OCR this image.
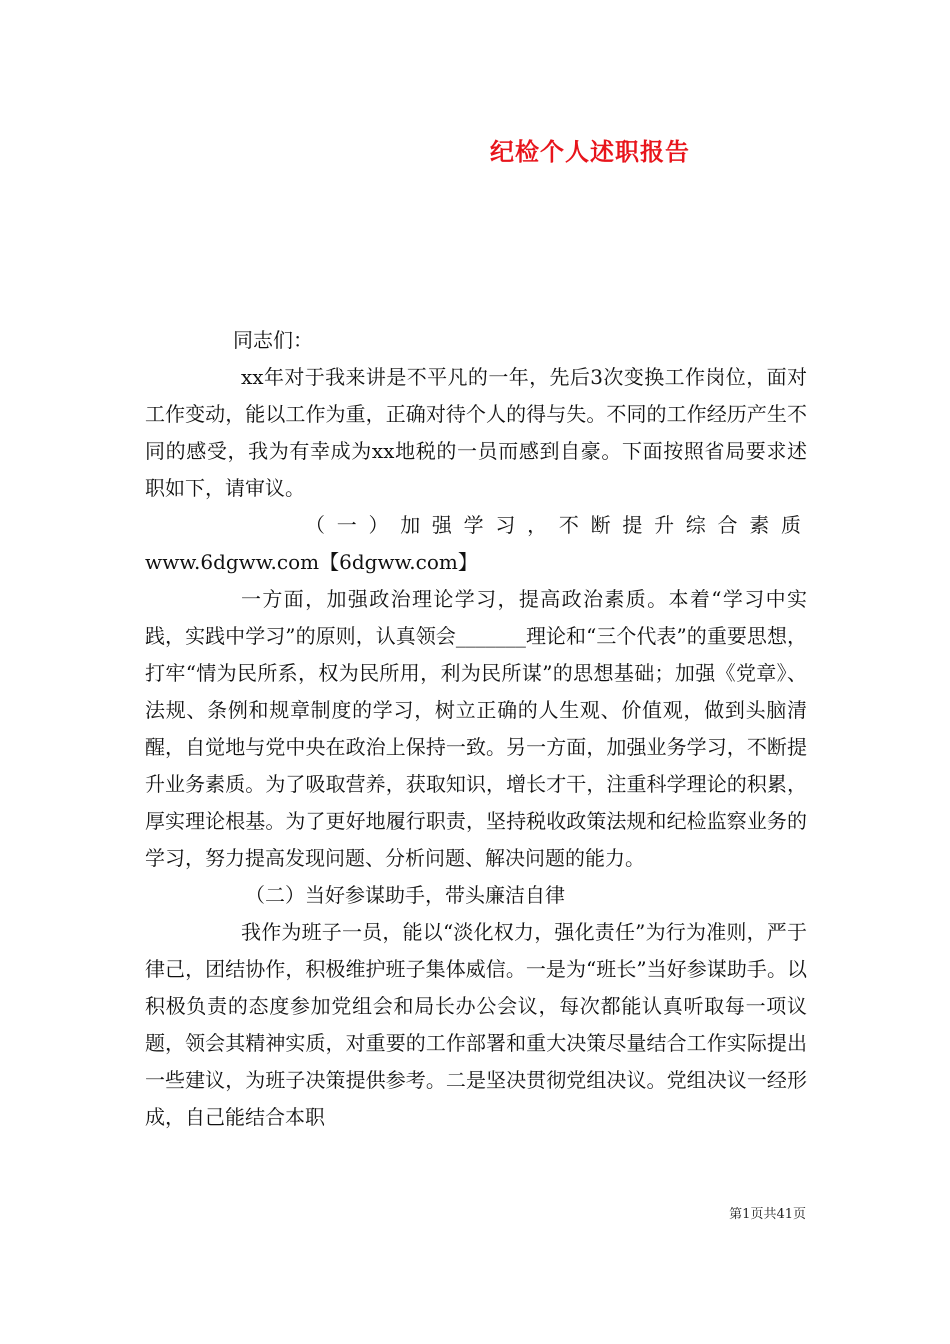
纪检个人述职报告

同志们：

xx年对于我来讲是不平凡的一年，先后3次变换工作岗位，面对工作变动，能以工作为重，正确对待个人的得与失。不同的工作经历产生不同的感受，我为有幸成为xx地税的一员而感到自豪。下面按照省局要求述职如下，请审议。

（一）加强学习，不断提升综合素质

www.6dgww.com【6dgww.com】

一方面，加强政治理论学习，提高政治素质。本着“学习中实践，实践中学习”的原则，认真领会_______理论和“三个代表”的重要思想，打牢“情为民所系，权为民所用，利为民所谋”的思想基础；加强《党章》、法规、条例和规章制度的学习，树立正确的人生观、价值观，做到头脑清醒，自觉地与党中央在政治上保持一致。另一方面，加强业务学习，不断提升业务素质。为了吸取营养，获取知识，增长才干，注重科学理论的积累，厚实理论根基。为了更好地履行职责，坚持税收政策法规和纪检监察业务的学习，努力提高发现问题、分析问题、解决问题的能力。

（二）当好参谋助手，带头廉洁自律

我作为班子一员，能以“淡化权力，强化责任”为行为准则，严于律己，团结协作，积极维护班子集体威信。一是为“班长”当好参谋助手。以积极负责的态度参加党组会和局长办公会议，每次都能认真听取每一项议题，领会其精神实质，对重要的工作部署和重大决策尽量结合工作实际提出一些建议，为班子决策提供参考。二是坚决贯彻党组决议。党组决议一经形成，自己能结合本职

第1页共41页
